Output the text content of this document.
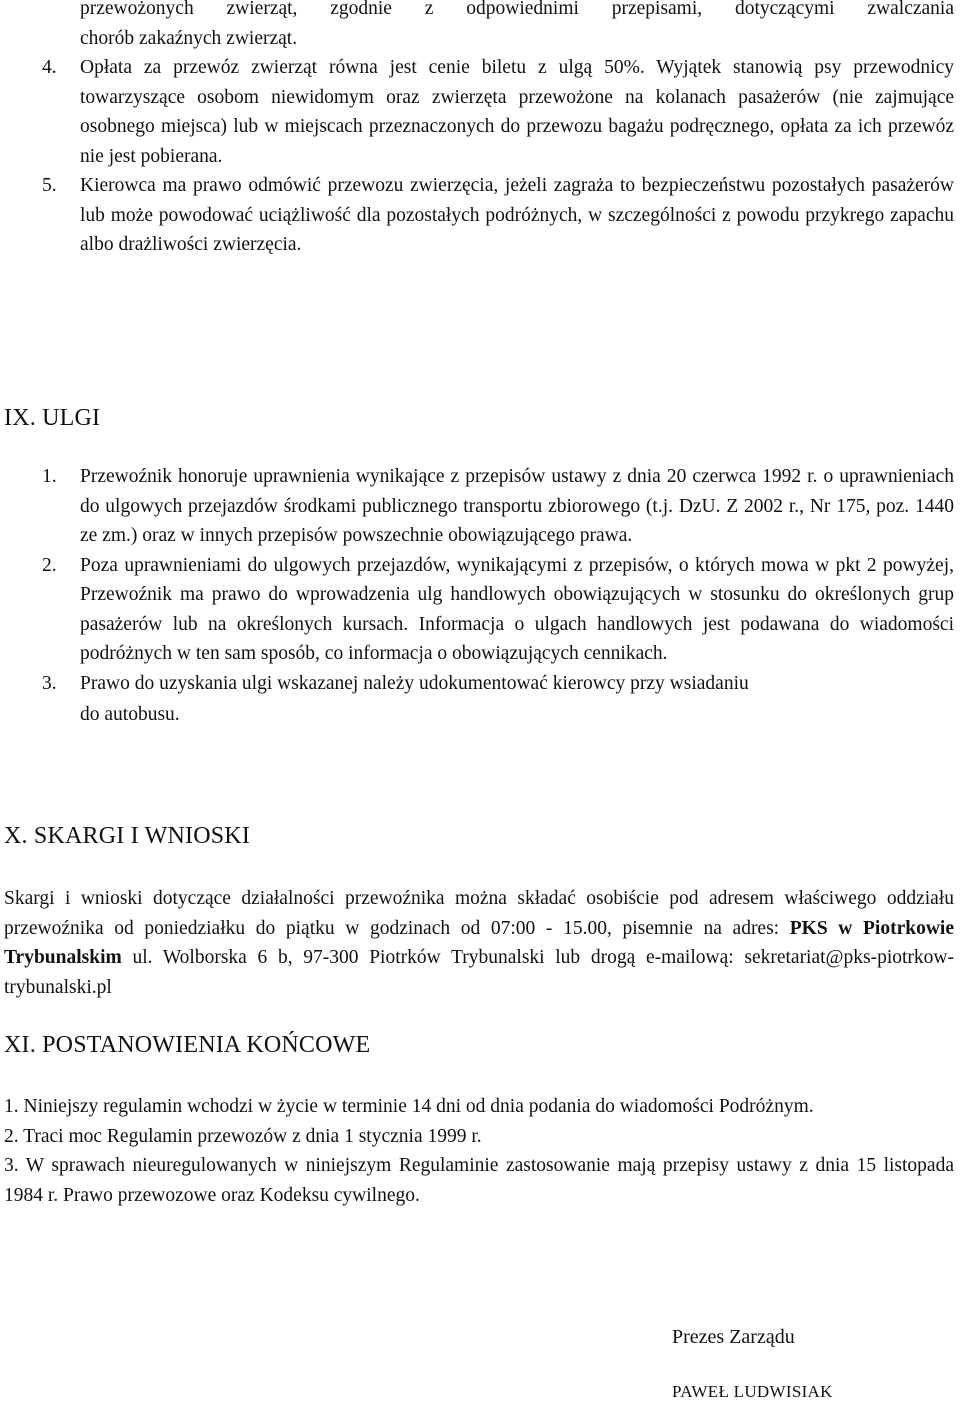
przewożonych zwierząt, zgodnie z odpowiednimi przepisami, dotyczącymi zwalczania

chorób zakaźnych zwierząt.

4. Opłata za przewóz zwierząt równa jest cenie biletu z ulgą 50%. Wyjątek stanowią psy przewodnicy towarzyszące osobom niewidomym oraz zwierzęta przewożone na kolanach pasażerów (nie zajmujące osobnego miejsca) lub w miejscach przeznaczonych do przewozu bagażu podręcznego, opłata za ich przewóz nie jest pobierana.
5. Kierowca ma prawo odmówić przewozu zwierzęcia, jeżeli zagraża to bezpieczeństwu pozostałych pasażerów lub może powodować uciążliwość dla pozostałych podróżnych, w szczególności z powodu przykrego zapachu albo drażliwości zwierzęcia.
IX. ULGI
1. Przewoźnik honoruje uprawnienia wynikające z przepisów ustawy z dnia 20 czerwca 1992 r. o uprawnieniach do ulgowych przejazdów środkami publicznego transportu zbiorowego (t.j. DzU. Z 2002 r., Nr 175, poz. 1440 ze zm.) oraz w innych przepisów powszechnie obowiązującego prawa.
2. Poza uprawnieniami do ulgowych przejazdów, wynikającymi z przepisów, o których mowa w pkt 2 powyżej, Przewoźnik ma prawo do wprowadzenia ulg handlowych obowiązujących w stosunku do określonych grup pasażerów lub na określonych kursach. Informacja o ulgach handlowych jest podawana do wiadomości podróżnych w ten sam sposób, co informacja o obowiązujących cennikach.
3. Prawo do uzyskania ulgi wskazanej należy udokumentować kierowcy przy wsiadaniu
do autobusu.
X. SKARGI I WNIOSKI

Skargi i wnioski dotyczące działalności przewoźnika można składać osobiście pod adresem właściwego oddziału przewoźnika od poniedziałku do piątku w godzinach od 07:00 - 15.00, pisemnie na adres: PKS w Piotrkowie Trybunalskim ul. Wolborska 6 b, 97-300 Piotrków Trybunalski lub drogą e-mailową: sekretariat@pks-piotrkow-trybunalski.pl

XI. POSTANOWIENIA KOŃCOWE

1. Niniejszy regulamin wchodzi w życie w terminie 14 dni od dnia podania do wiadomości Podróżnym.

2. Traci moc Regulamin przewozów z dnia 1 stycznia 1999 r.

3. W sprawach nieuregulowanych w niniejszym Regulaminie zastosowanie mają przepisy ustawy z dnia 15 listopada 1984 r. Prawo przewozowe oraz Kodeksu cywilnego.

Prezes Zarządu

PAWEŁ LUDWISIAK
